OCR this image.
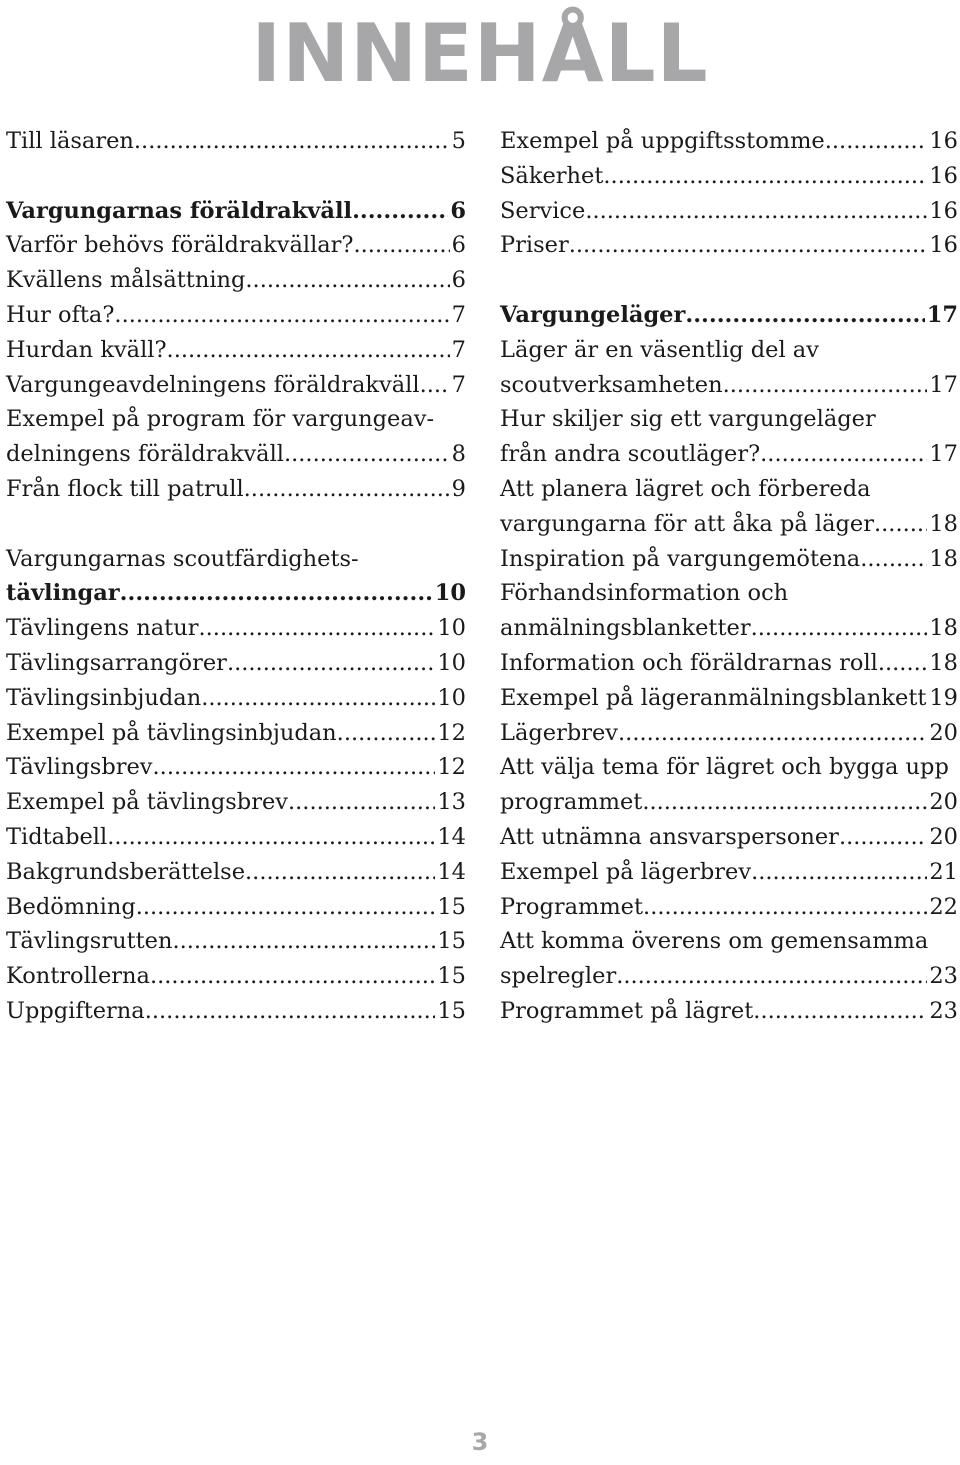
INNEHÅLL
Till läsaren .....	5
Vargungarnas föräldrakväll .....	6
Varför behövs föräldrakvällar? .....	6
Kvällens målsättning .....	6
Hur ofta? .....	7
Hurdan kväll? .....	7
Vargungeavdelningens föräldrakväll ..... 7
Exempel på program för vargungeav-
delningens föräldrakväll .....	8
Från flock till patrull .....	9
Vargungarnas scoutfärdighets-
tävlingar .....	10
Tävlingens natur .....	10
Tävlingsarrangörer .....	10
Tävlingsinbjudan .....	10
Exempel på tävlingsinbjudan .....	12
Tävlingsbrev .....	12
Exempel på tävlingsbrev .....	13
Tidtabell .....	14
Bakgrundsberättelse .....	14
Bedömning .....	15
Tävlingsrutten .....	15
Kontrollerna .....	15
Uppgifterna .....	15
Exempel på uppgiftsstomme .....	16
Säkerhet .....	16
Service .....	16
Priser .....	16
Vargungeläger .....	17
Läger är en väsentlig del av
scoutverksamheten .....	17
Hur skiljer sig ett vargungeläger
från andra scoutläger? .....	17
Att planera lägret och förbereda
vargungarna för att åka på läger ..... 18
Inspiration på vargungemötena .....	18
Förhandsinformation och
anmälningsblanketter .....	18
Information och föräldrarnas roll ..... 18
Exempel på lägeranmälningsblankett ..... 19
Lägerbrev .....	20
Att välja tema för lägret och bygga upp
programmet .....	20
Att utnämna ansvarspersoner .....	20
Exempel på lägerbrev .....	21
Programmet .....	22
Att komma överens om gemensamma
spelregler .....	23
Programmet på lägret .....	23
3
